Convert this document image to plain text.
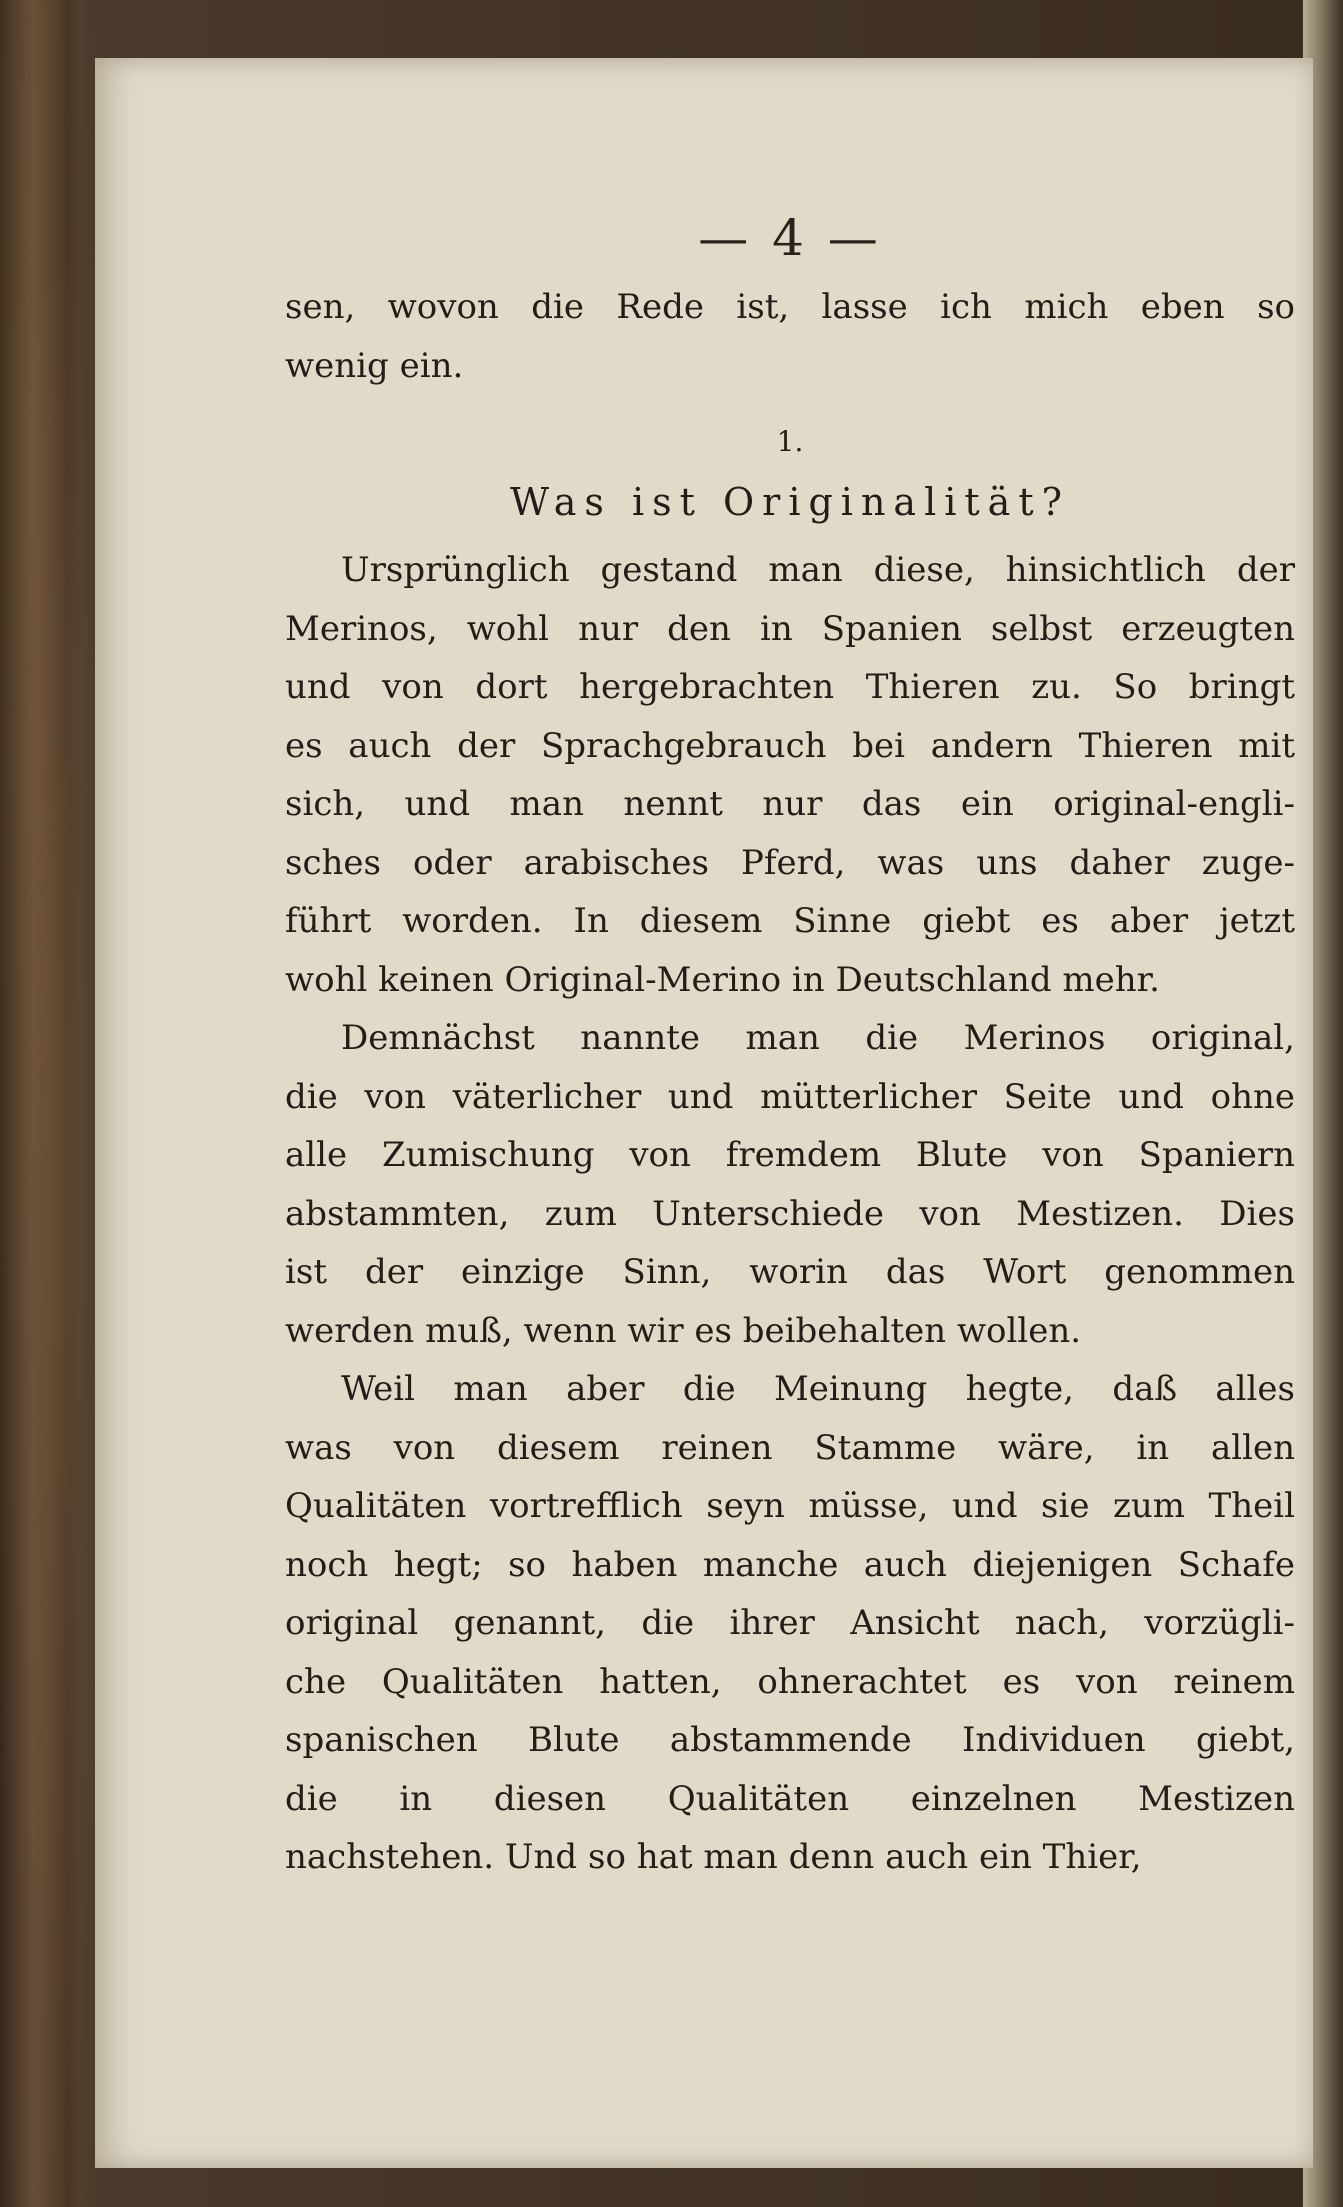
— 4 —
sen, wovon die Rede ist, lasse ich mich eben so
wenig ein.
1.
Was ist Originalität?
Ursprünglich gestand man diese, hinsichtlich der
Merinos, wohl nur den in Spanien selbst erzeugten
und von dort hergebrachten Thieren zu. So bringt
es auch der Sprachgebrauch bei andern Thieren mit
sich, und man nennt nur das ein original-engli-
sches oder arabisches Pferd, was uns daher zuge-
führt worden. In diesem Sinne giebt es aber jetzt
wohl keinen Original-Merino in Deutschland mehr.
Demnächst nannte man die Merinos original,
die von väterlicher und mütterlicher Seite und ohne
alle Zumischung von fremdem Blute von Spaniern
abstammten, zum Unterschiede von Mestizen. Dies
ist der einzige Sinn, worin das Wort genommen
werden muß, wenn wir es beibehalten wollen.
Weil man aber die Meinung hegte, daß alles
was von diesem reinen Stamme wäre, in allen
Qualitäten vortrefflich seyn müsse, und sie zum Theil
noch hegt; so haben manche auch diejenigen Schafe
original genannt, die ihrer Ansicht nach, vorzügli-
che Qualitäten hatten, ohnerachtet es von reinem
spanischen Blute abstammende Individuen giebt,
die in diesen Qualitäten einzelnen Mestizen
nachstehen. Und so hat man denn auch ein Thier,
